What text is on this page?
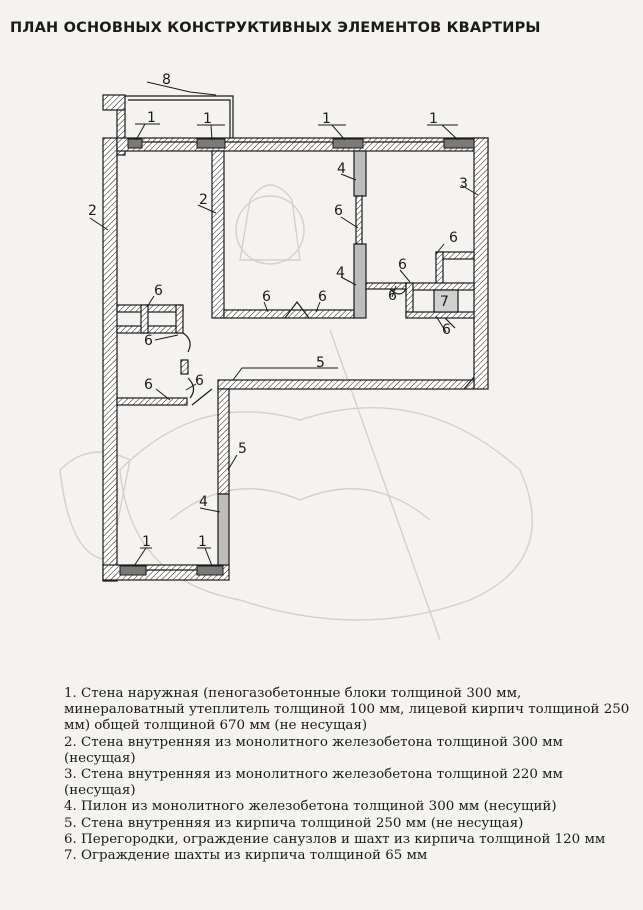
ПЛАН ОСНОВНЫХ КОНСТРУКТИВНЫХ ЭЛЕМЕНТОВ КВАРТИРЫ
8
1	1	1	1
2
2
4
6
3
6
4	6
6	7
6
6	6
6
6
6	6
5
5
4
1	1

1. Стена наружная (пеногазобетонные блоки толщиной 300 мм, минераловатный утеплитель толщиной 100 мм, лицевой кирпич толщиной 250 мм) общей толщиной 670 мм (не несущая)

2. Стена внутренняя из монолитного железобетона толщиной 300 мм (несущая)

3. Стена внутренняя из монолитного железобетона толщиной 220 мм (несущая)

4. Пилон из монолитного железобетона толщиной 300 мм (несущий)

5. Стена внутренняя из кирпича толщиной 250 мм (не несущая)

6. Перегородки, ограждение санузлов и шахт из кирпича толщиной 120 мм

7. Ограждение шахты из кирпича толщиной 65 мм
